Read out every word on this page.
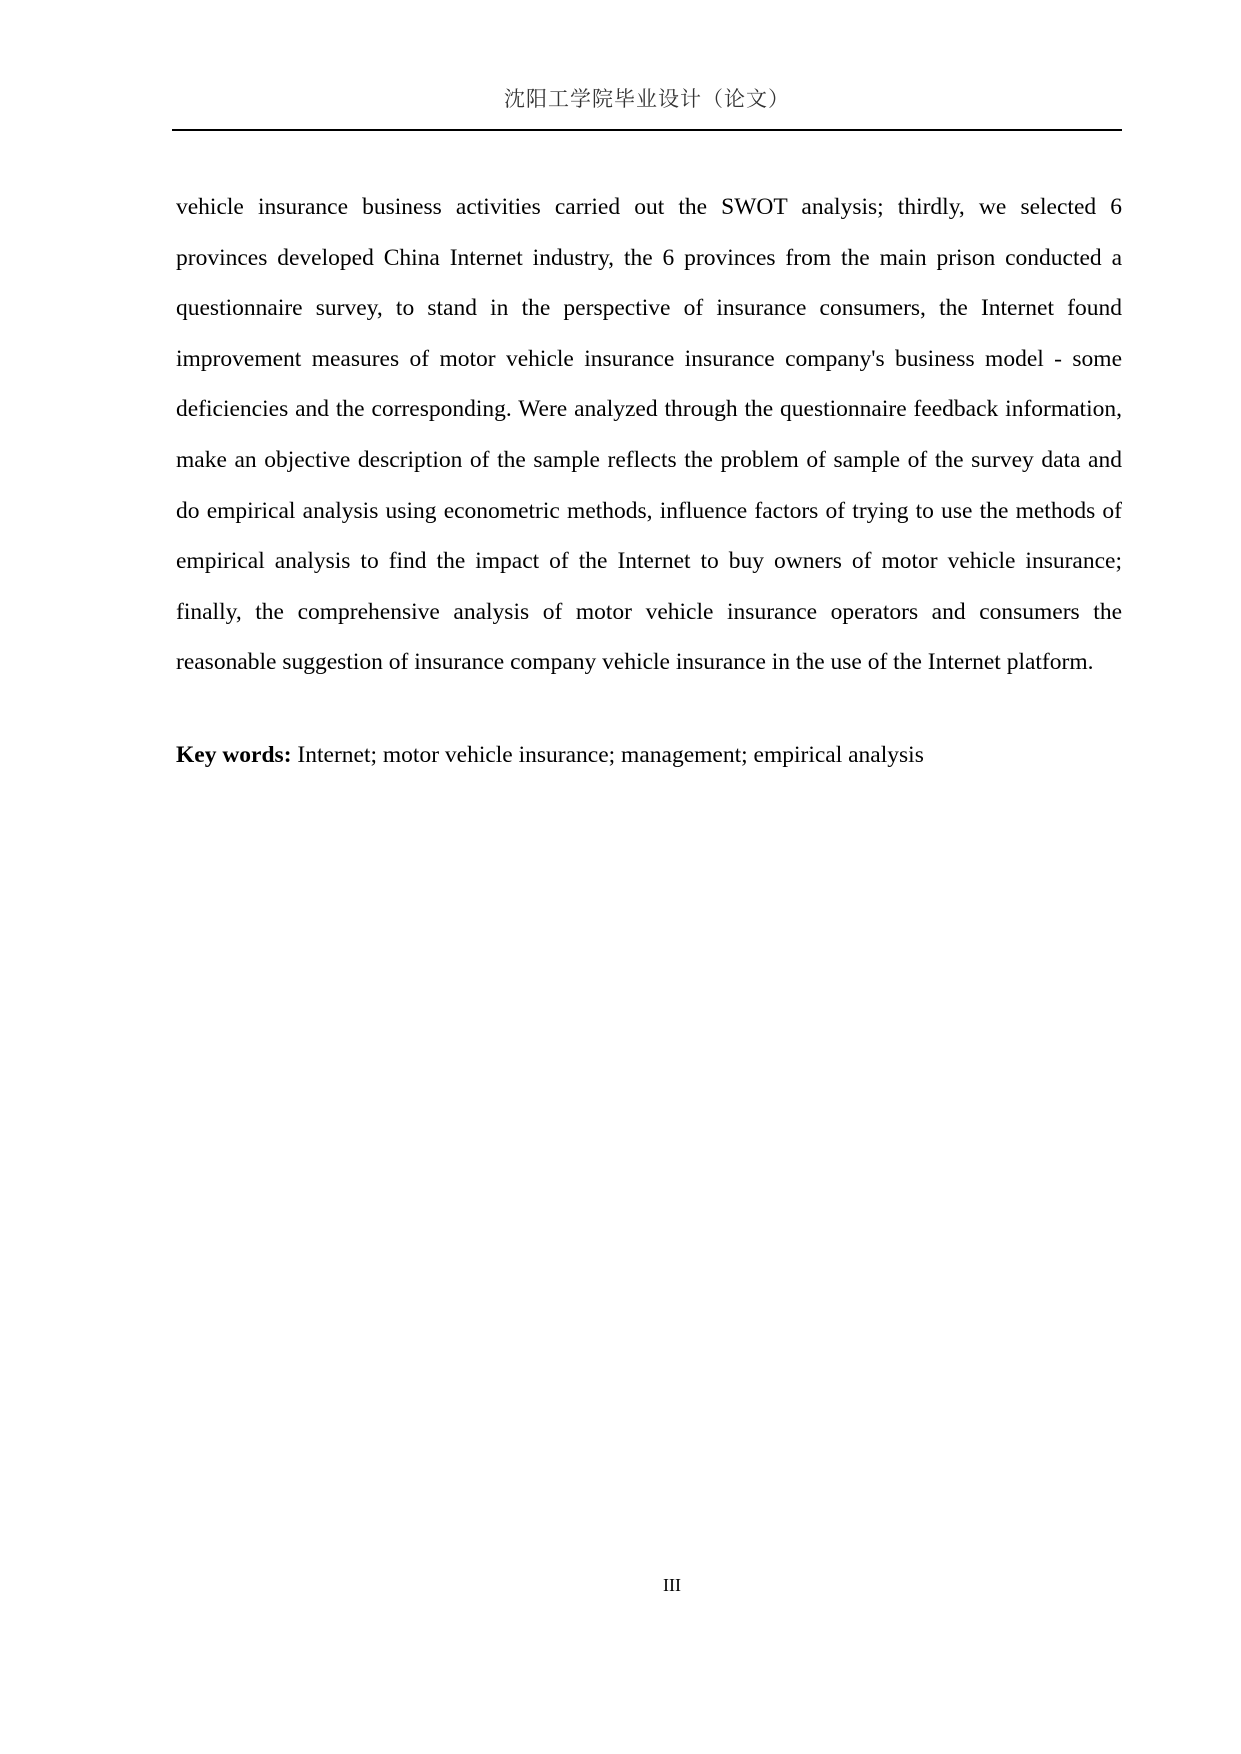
沈阳工学院毕业设计（论文）
vehicle insurance business activities carried out the SWOT analysis; thirdly, we selected 6
provinces developed China Internet industry, the 6 provinces from the main prison conducted a
questionnaire survey, to stand in the perspective of insurance consumers, the Internet found
improvement measures of motor vehicle insurance insurance company's business model - some
deficiencies and the corresponding. Were analyzed through the questionnaire feedback information,
make an objective description of the sample reflects the problem of sample of the survey data and
do empirical analysis using econometric methods, influence factors of trying to use the methods of
empirical analysis to find the impact of the Internet to buy owners of motor vehicle insurance;
finally, the comprehensive analysis of motor vehicle insurance operators and consumers the
reasonable suggestion of insurance company vehicle insurance in the use of the Internet platform.
Key words: Internet; motor vehicle insurance; management; empirical analysis
III
